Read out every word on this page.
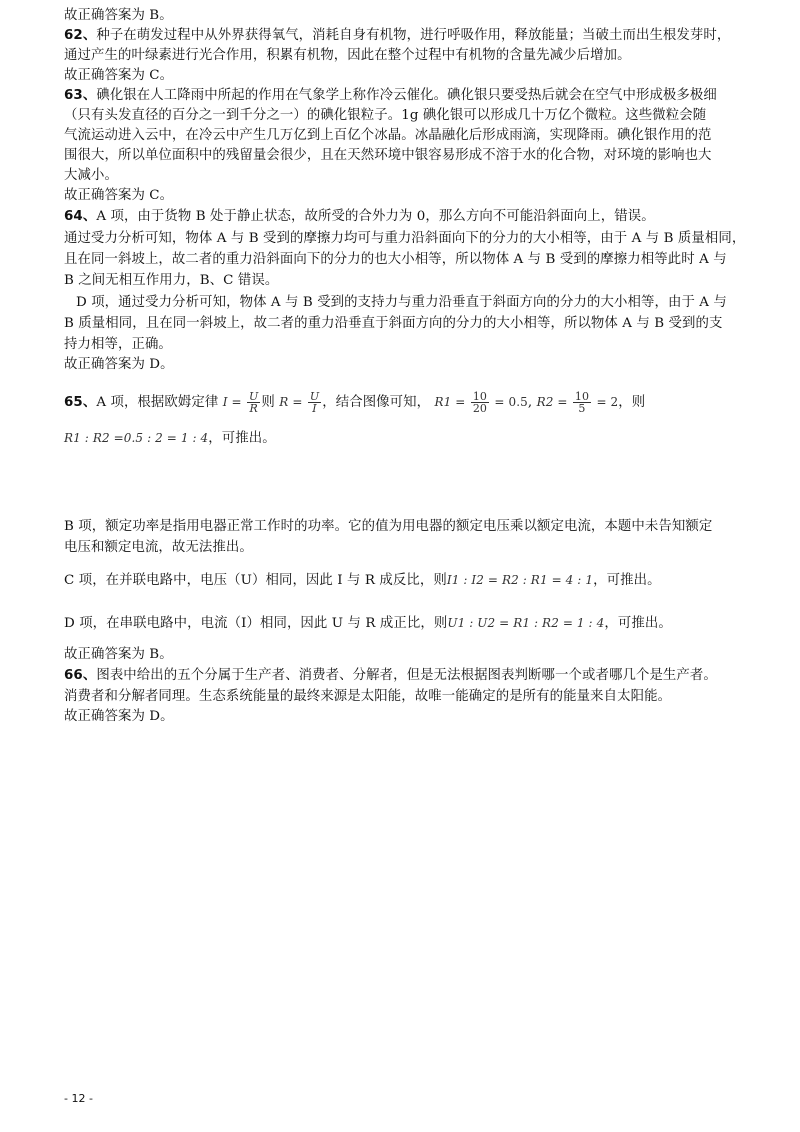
故正确答案为 B。
62、种子在萌发过程中从外界获得氧气，消耗自身有机物，进行呼吸作用，释放能量；当破土而出生根发芽时，
通过产生的叶绿素进行光合作用，积累有机物，因此在整个过程中有机物的含量先减少后增加。
故正确答案为 C。
63、碘化银在人工降雨中所起的作用在气象学上称作冷云催化。碘化银只要受热后就会在空气中形成极多极细
（只有头发直径的百分之一到千分之一）的碘化银粒子。1g 碘化银可以形成几十万亿个微粒。这些微粒会随
气流运动进入云中，在冷云中产生几万亿到上百亿个冰晶。冰晶融化后形成雨滴，实现降雨。碘化银作用的范
围很大，所以单位面积中的残留量会很少，且在天然环境中银容易形成不溶于水的化合物，对环境的影响也大
大减小。
故正确答案为 C。
64、A 项，由于货物 B 处于静止状态，故所受的合外力为 0，那么方向不可能沿斜面向上，错误。
通过受力分析可知，物体 A 与 B 受到的摩擦力均可与重力沿斜面向下的分力的大小相等，由于 A 与 B 质量相同，
且在同一斜坡上，故二者的重力沿斜面向下的分力的也大小相等，所以物体 A 与 B 受到的摩擦力相等此时 A 与
B 之间无相互作用力，B、C 错误。
D 项，通过受力分析可知，物体 A 与 B 受到的支持力与重力沿垂直于斜面方向的分力的大小相等，由于 A 与
B 质量相同，且在同一斜坡上，故二者的重力沿垂直于斜面方向的分力的大小相等，所以物体 A 与 B 受到的支
持力相等，正确。
故正确答案为 D。
65、A 项，根据欧姆定律 $I = \frac{U}{R}$ 则 $R = \frac{U}{I}$ ，结合图像可知， $R1 = \frac{10}{20} = 0.5$, $R2 = \frac{10}{5} = 2$，则
R1 : R2 =0.5 : 2 = 1 : 4，可推出。
B 项，额定功率是指用电器正常工作时的功率。它的值为用电器的额定电压乘以额定电流，本题中未告知额定
电压和额定电流，故无法推出。
C 项，在并联电路中，电压（U）相同，因此 I 与 R 成反比，则I1 : I2 = R2 : R1 = 4 : 1，可推出。
D 项，在串联电路中，电流（I）相同，因此 U 与 R 成正比，则U1 : U2 = R1 : R2 = 1 : 4，可推出。
故正确答案为 B。
66、图表中给出的五个分属于生产者、消费者、分解者，但是无法根据图表判断哪一个或者哪几个是生产者。
消费者和分解者同理。生态系统能量的最终来源是太阳能，故唯一能确定的是所有的能量来自太阳能。
故正确答案为 D。
- 12 -
